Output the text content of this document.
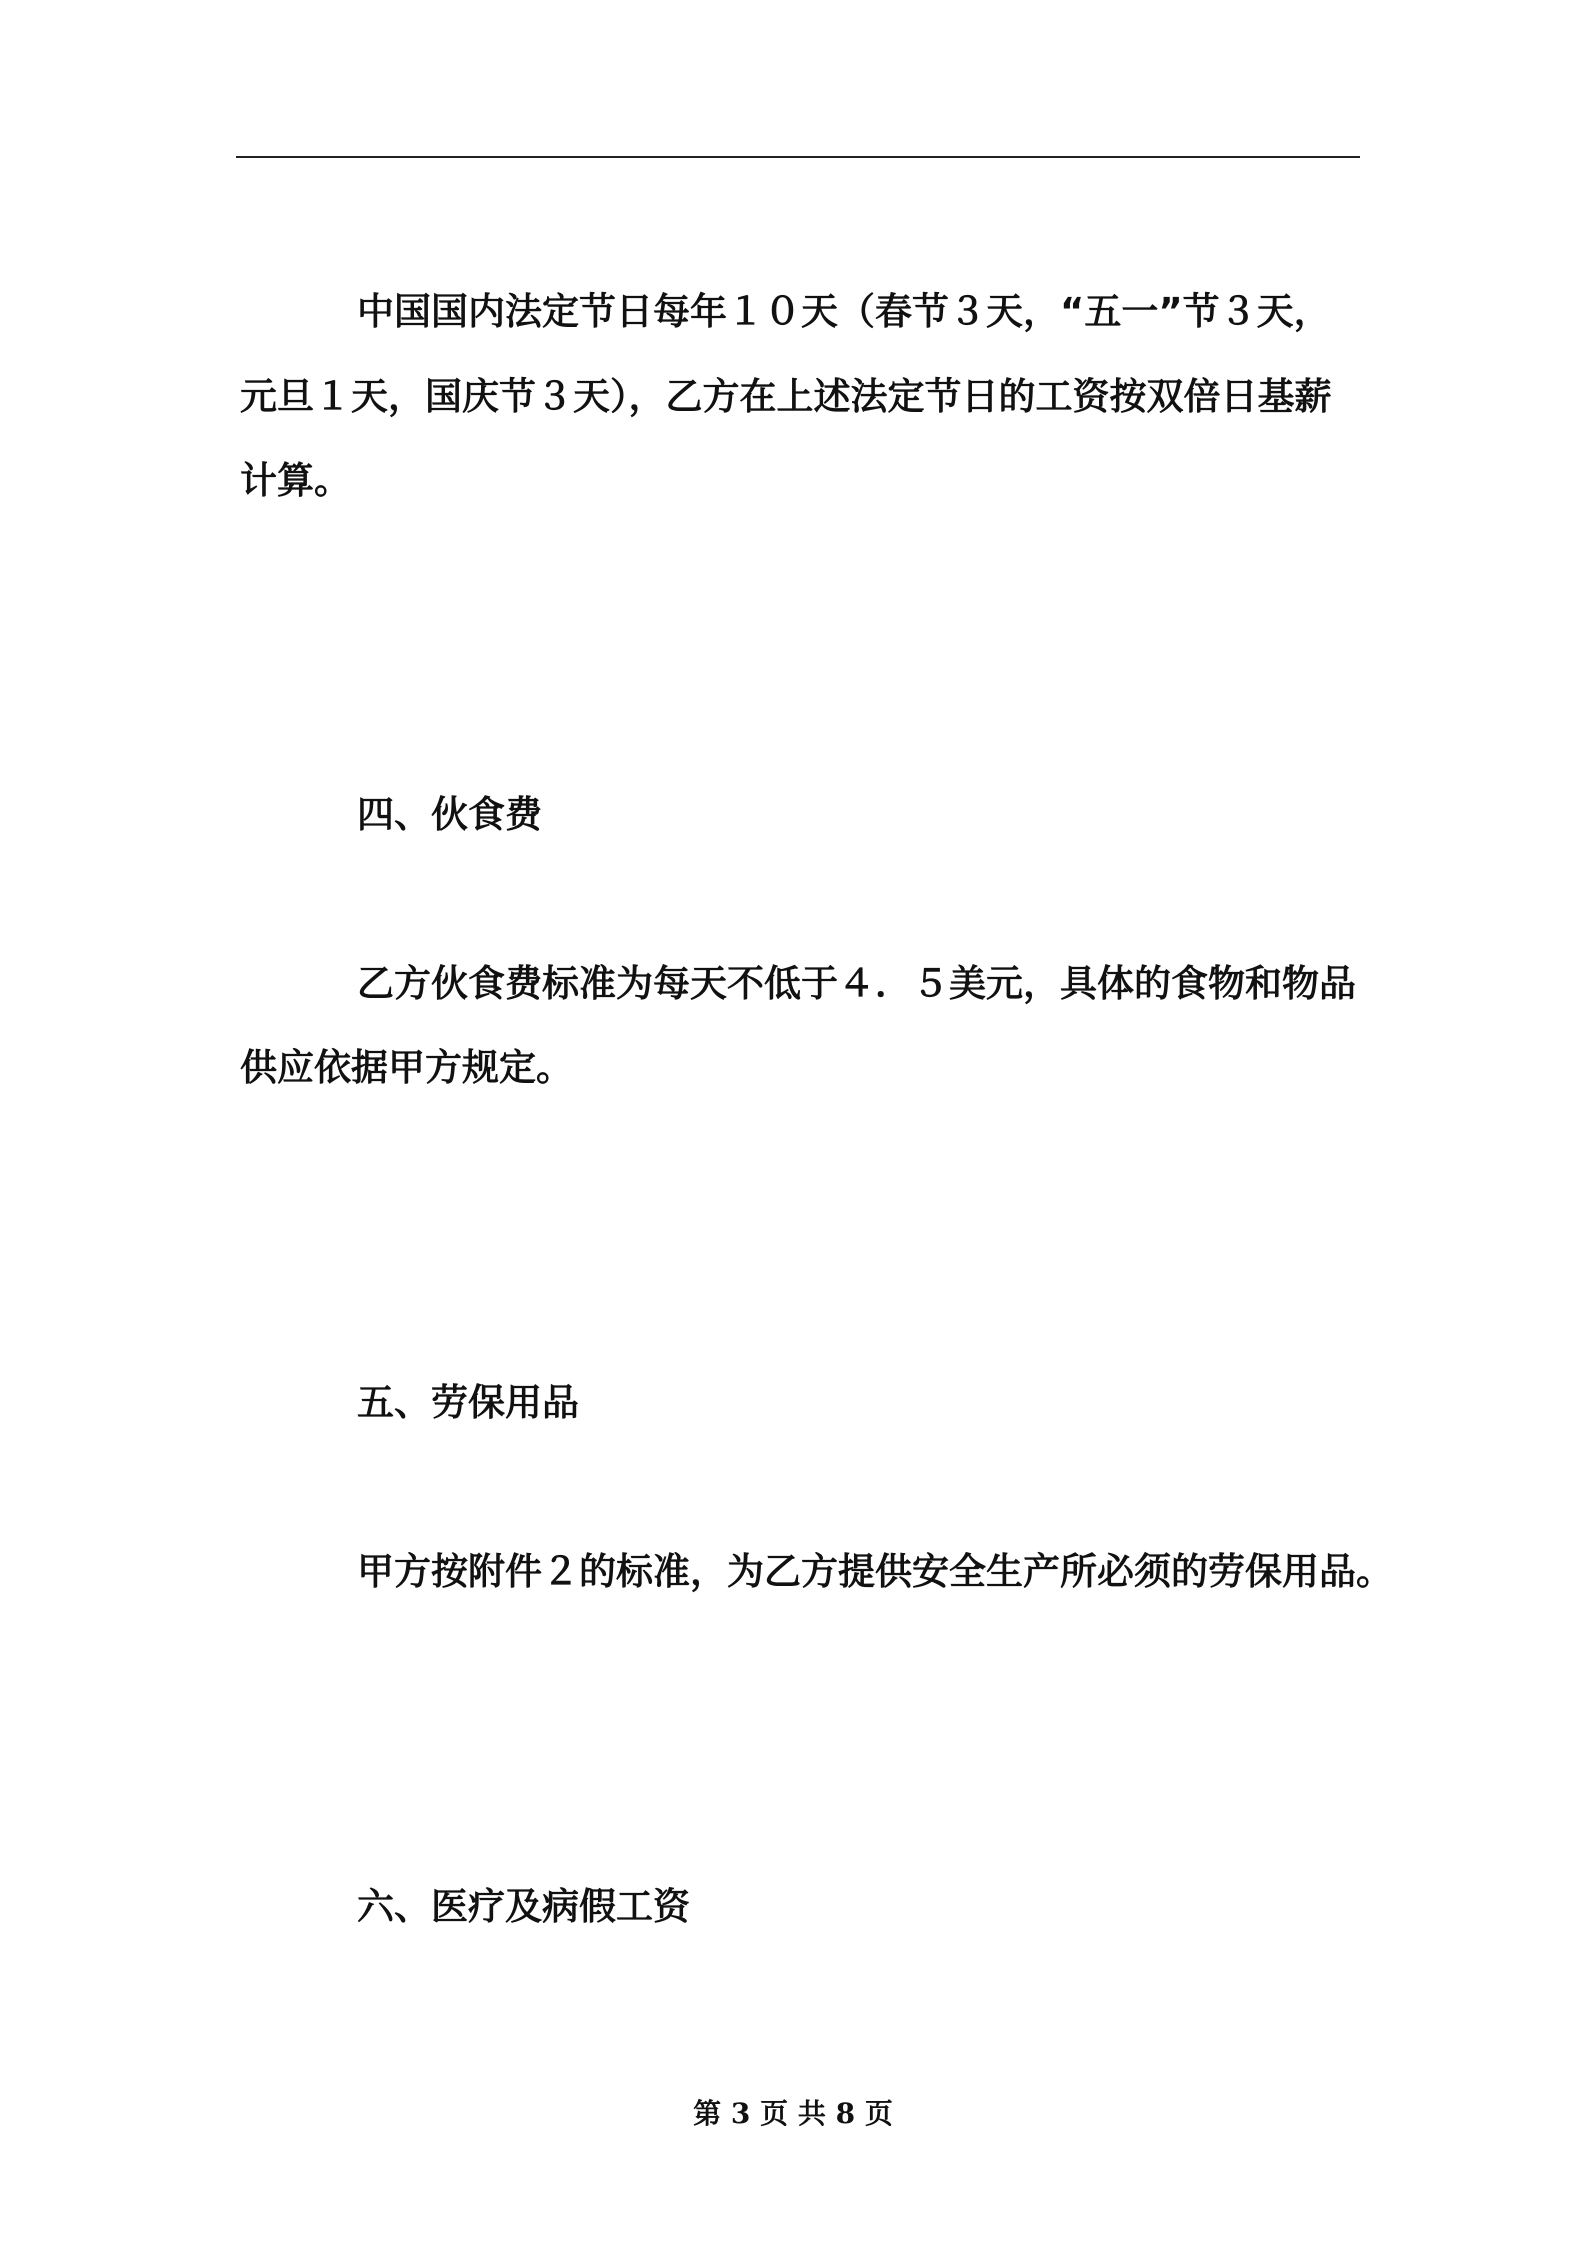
中国国内法定节日每年１０天（春节３天，“五一”节３天，

元旦１天，国庆节３天），乙方在上述法定节日的工资按双倍日基薪

计算。

四、伙食费

乙方伙食费标准为每天不低于４．５美元，具体的食物和物品

供应依据甲方规定。

五、劳保用品

甲方按附件２的标准，为乙方提供安全生产所必须的劳保用品。

六、医疗及病假工资

第 3 页 共 8 页
